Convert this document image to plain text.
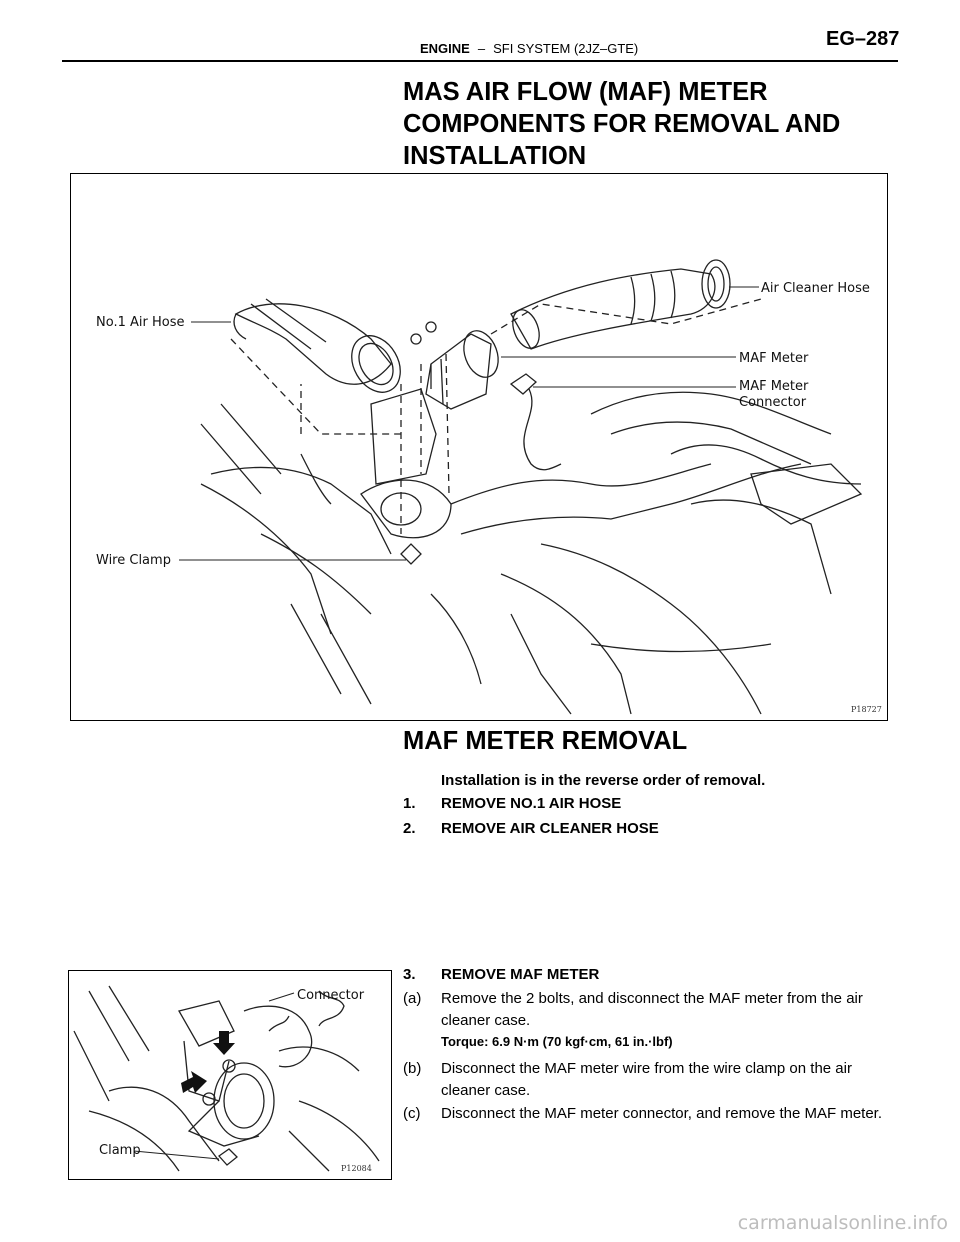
ENGINE – SFI SYSTEM (2JZ–GTE)	EG–287
MAS AIR FLOW (MAF) METER
COMPONENTS FOR REMOVAL AND
INSTALLATION
No.1 Air Hose
Air Cleaner Hose
MAF Meter
MAF Meter
Connector
Wire Clamp
P18727
MAF METER REMOVAL
Installation is in the reverse order of removal.
1. REMOVE NO.1 AIR HOSE
2. REMOVE AIR CLEANER HOSE
3. REMOVE MAF METER
(a) Remove the 2 bolts, and disconnect the MAF meter from the air cleaner case.
Torque: 6.9 N·m (70 kgf·cm, 61 in.·lbf)
(b) Disconnect the MAF meter wire from the wire clamp on the air cleaner case.
(c) Disconnect the MAF meter connector, and remove the MAF meter.
Connector
Clamp
P12084
carmanualsonline.info
